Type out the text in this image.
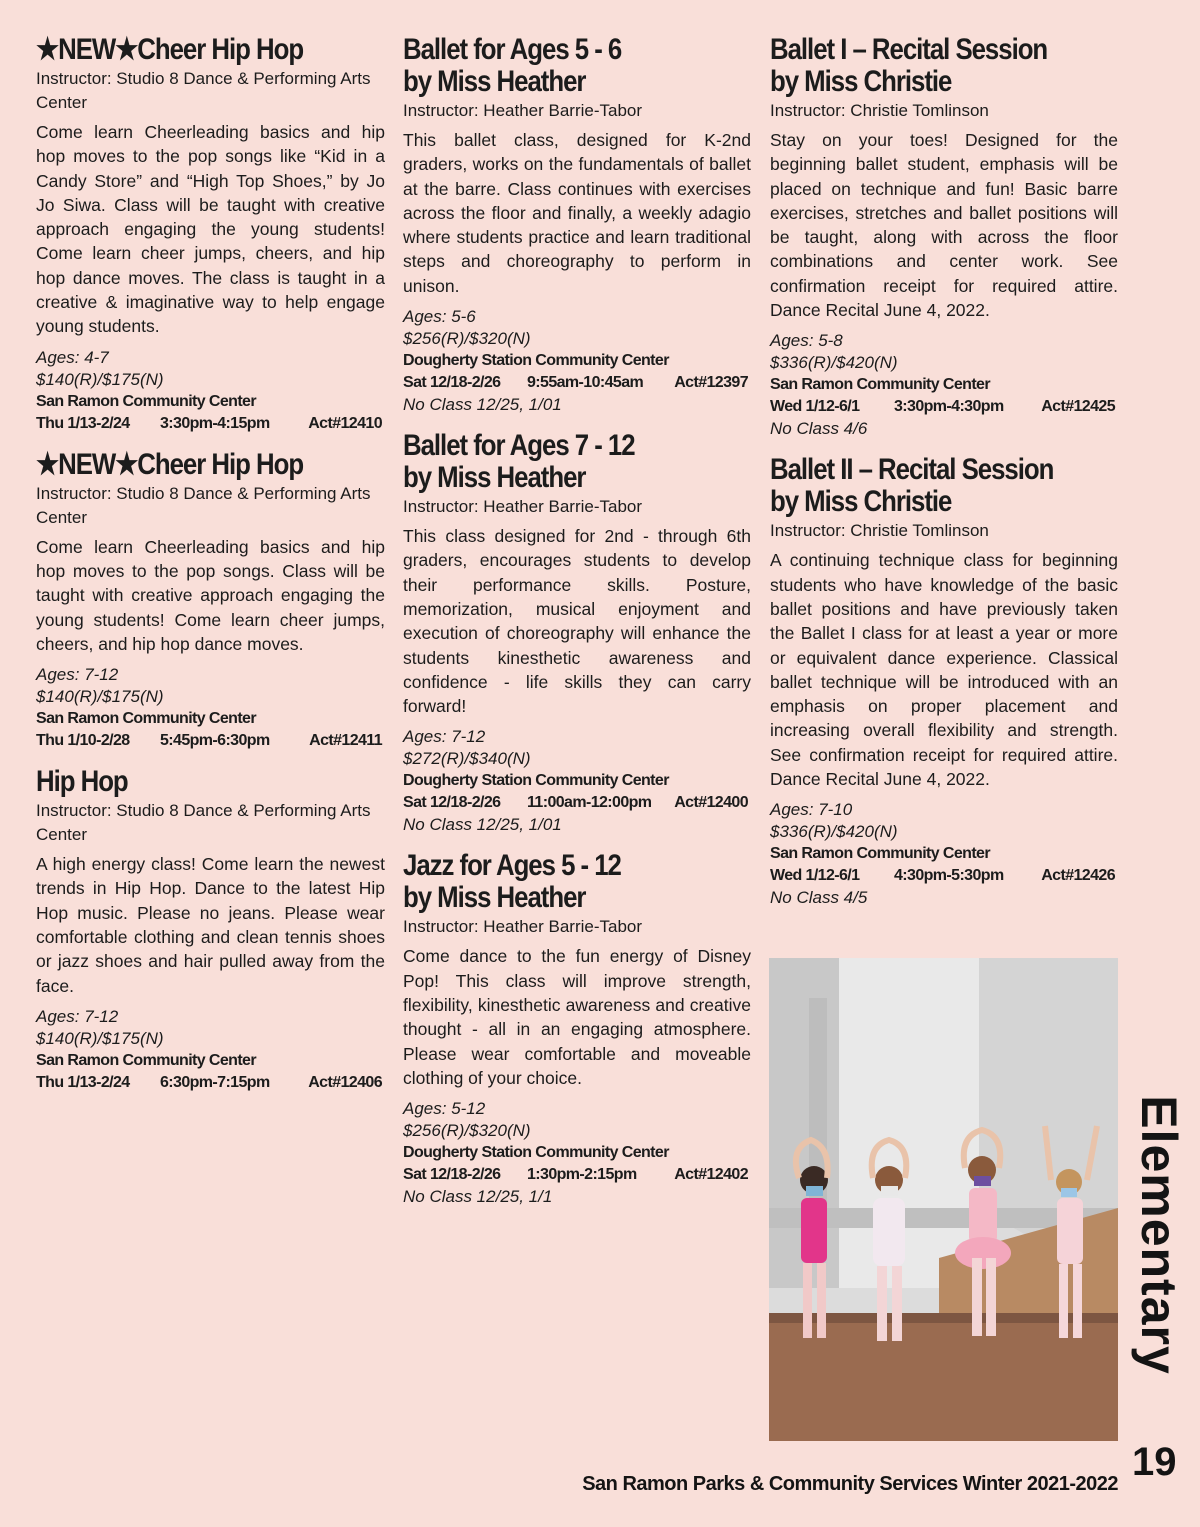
★NEW★Cheer Hip Hop
Instructor: Studio 8 Dance & Performing Arts Center
Come learn Cheerleading basics and hip hop moves to the pop songs like “Kid in a Candy Store” and “High Top Shoes,” by Jo Jo Siwa. Class will be taught with creative approach engaging the young students! Come learn cheer jumps, cheers, and hip hop dance moves. The class is taught in a creative & imaginative way to help engage young students.
Ages: 4-7
$140(R)/$175(N)
San Ramon Community Center
Thu 1/13-2/24 3:30pm-4:15pm Act#12410
★NEW★Cheer Hip Hop
Instructor: Studio 8 Dance & Performing Arts Center
Come learn Cheerleading basics and hip hop moves to the pop songs. Class will be taught with creative approach engaging the young students! Come learn cheer jumps, cheers, and hip hop dance moves.
Ages: 7-12
$140(R)/$175(N)
San Ramon Community Center
Thu 1/10-2/28 5:45pm-6:30pm Act#12411
Hip Hop
Instructor: Studio 8 Dance & Performing Arts Center
A high energy class! Come learn the newest trends in Hip Hop. Dance to the latest Hip Hop music. Please no jeans. Please wear comfortable clothing and clean tennis shoes or jazz shoes and hair pulled away from the face.
Ages: 7-12
$140(R)/$175(N)
San Ramon Community Center
Thu 1/13-2/24 6:30pm-7:15pm Act#12406
Ballet for Ages 5 - 6
by Miss Heather
Instructor: Heather Barrie-Tabor
This ballet class, designed for K-2nd graders, works on the fundamentals of ballet at the barre. Class continues with exercises across the floor and finally, a weekly adagio where students practice and learn traditional steps and choreography to perform in unison.
Ages: 5-6
$256(R)/$320(N)
Dougherty Station Community Center
Sat 12/18-2/26 9:55am-10:45am Act#12397
No Class 12/25, 1/01
Ballet for Ages 7 - 12
by Miss Heather
Instructor: Heather Barrie-Tabor
This class designed for 2nd - through 6th graders, encourages students to develop their performance skills. Posture, memorization, musical enjoyment and execution of choreography will enhance the students kinesthetic awareness and confidence - life skills they can carry forward!
Ages: 7-12
$272(R)/$340(N)
Dougherty Station Community Center
Sat 12/18-2/26 11:00am-12:00pm Act#12400
No Class 12/25, 1/01
Jazz for Ages 5 - 12
by Miss Heather
Instructor: Heather Barrie-Tabor
Come dance to the fun energy of Disney Pop! This class will improve strength, flexibility, kinesthetic awareness and creative thought - all in an engaging atmosphere. Please wear comfortable and moveable clothing of your choice.
Ages: 5-12
$256(R)/$320(N)
Dougherty Station Community Center
Sat 12/18-2/26 1:30pm-2:15pm Act#12402
No Class 12/25, 1/1
Ballet I – Recital Session
by Miss Christie
Instructor: Christie Tomlinson
Stay on your toes! Designed for the beginning ballet student, emphasis will be placed on technique and fun! Basic barre exercises, stretches and ballet positions will be taught, along with across the floor combinations and center work. See confirmation receipt for required attire. Dance Recital June 4, 2022.
Ages: 5-8
$336(R)/$420(N)
San Ramon Community Center
Wed 1/12-6/1 3:30pm-4:30pm Act#12425
No Class 4/6
Ballet II – Recital Session
by Miss Christie
Instructor: Christie Tomlinson
A continuing technique class for beginning students who have knowledge of the basic ballet positions and have previously taken the Ballet I class for at least a year or more or equivalent dance experience. Classical ballet technique will be introduced with an emphasis on proper placement and increasing overall flexibility and strength. See confirmation receipt for required attire. Dance Recital June 4, 2022.
Ages: 7-10
$336(R)/$420(N)
San Ramon Community Center
Wed 1/12-6/1 4:30pm-5:30pm Act#12426
No Class 4/5
Elementary
19
San Ramon Parks & Community Services Winter 2021-2022
